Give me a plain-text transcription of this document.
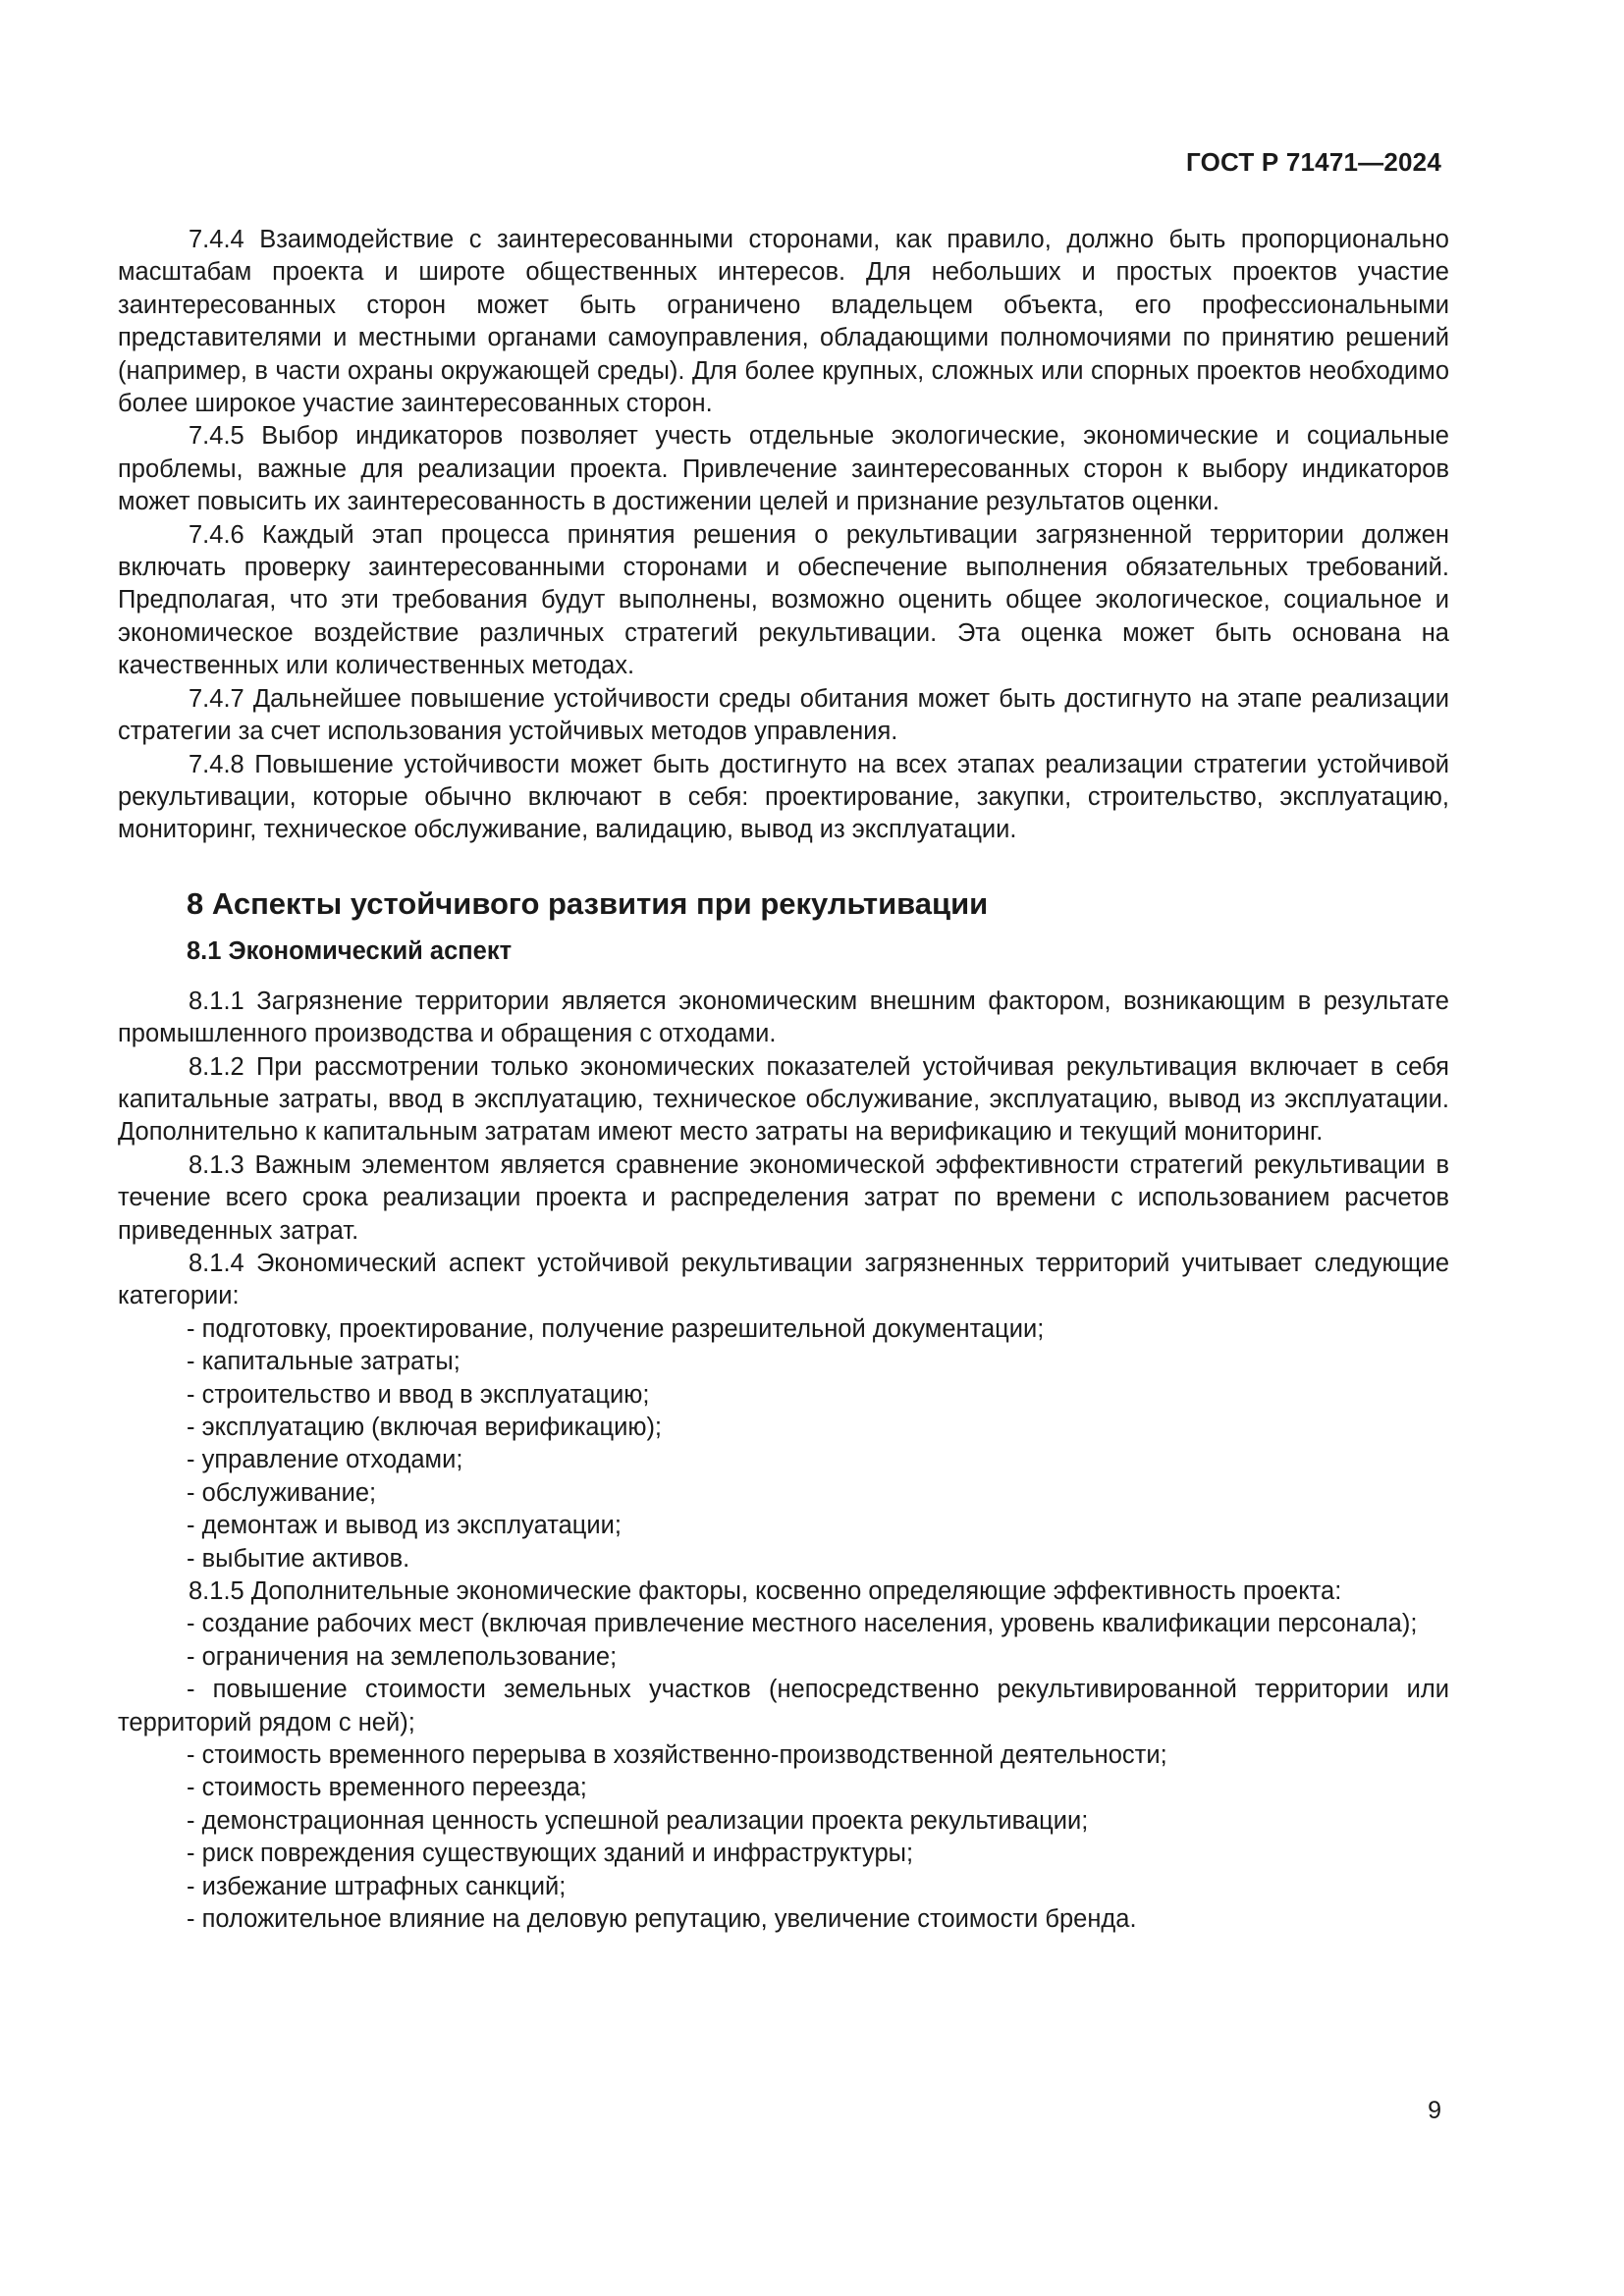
ГОСТ Р 71471—2024

7.4.4 Взаимодействие с заинтересованными сторонами, как правило, должно быть пропорционально масштабам проекта и широте общественных интересов. Для небольших и простых проектов участие заинтересованных сторон может быть ограничено владельцем объекта, его профессиональными представителями и местными органами самоуправления, обладающими полномочиями по принятию решений (например, в части охраны окружающей среды). Для более крупных, сложных или спорных проектов необходимо более широкое участие заинтересованных сторон.

7.4.5 Выбор индикаторов позволяет учесть отдельные экологические, экономические и социальные проблемы, важные для реализации проекта. Привлечение заинтересованных сторон к выбору индикаторов может повысить их заинтересованность в достижении целей и признание результатов оценки.

7.4.6 Каждый этап процесса принятия решения о рекультивации загрязненной территории должен включать проверку заинтересованными сторонами и обеспечение выполнения обязательных требований. Предполагая, что эти требования будут выполнены, возможно оценить общее экологическое, социальное и экономическое воздействие различных стратегий рекультивации. Эта оценка может быть основана на качественных или количественных методах.

7.4.7 Дальнейшее повышение устойчивости среды обитания может быть достигнуто на этапе реализации стратегии за счет использования устойчивых методов управления.

7.4.8 Повышение устойчивости может быть достигнуто на всех этапах реализации стратегии устойчивой рекультивации, которые обычно включают в себя: проектирование, закупки, строительство, эксплуатацию, мониторинг, техническое обслуживание, валидацию, вывод из эксплуатации.

8 Аспекты устойчивого развития при рекультивации

8.1 Экономический аспект

8.1.1 Загрязнение территории является экономическим внешним фактором, возникающим в результате промышленного производства и обращения с отходами.

8.1.2 При рассмотрении только экономических показателей устойчивая рекультивация включает в себя капитальные затраты, ввод в эксплуатацию, техническое обслуживание, эксплуатацию, вывод из эксплуатации. Дополнительно к капитальным затратам имеют место затраты на верификацию и текущий мониторинг.

8.1.3 Важным элементом является сравнение экономической эффективности стратегий рекультивации в течение всего срока реализации проекта и распределения затрат по времени с использованием расчетов приведенных затрат.

8.1.4 Экономический аспект устойчивой рекультивации загрязненных территорий учитывает следующие категории:

- подготовку, проектирование, получение разрешительной документации;

- капитальные затраты;

- строительство и ввод в эксплуатацию;

- эксплуатацию (включая верификацию);

- управление отходами;

- обслуживание;

- демонтаж и вывод из эксплуатации;

- выбытие активов.

8.1.5 Дополнительные экономические факторы, косвенно определяющие эффективность проекта:

- создание рабочих мест (включая привлечение местного населения, уровень квалификации персонала);

- ограничения на землепользование;

- повышение стоимости земельных участков (непосредственно рекультивированной территории или территорий рядом с ней);

- стоимость временного перерыва в хозяйственно-производственной деятельности;

- стоимость временного переезда;

- демонстрационная ценность успешной реализации проекта рекультивации;

- риск повреждения существующих зданий и инфраструктуры;

- избежание штрафных санкций;

- положительное влияние на деловую репутацию, увеличение стоимости бренда.

9
